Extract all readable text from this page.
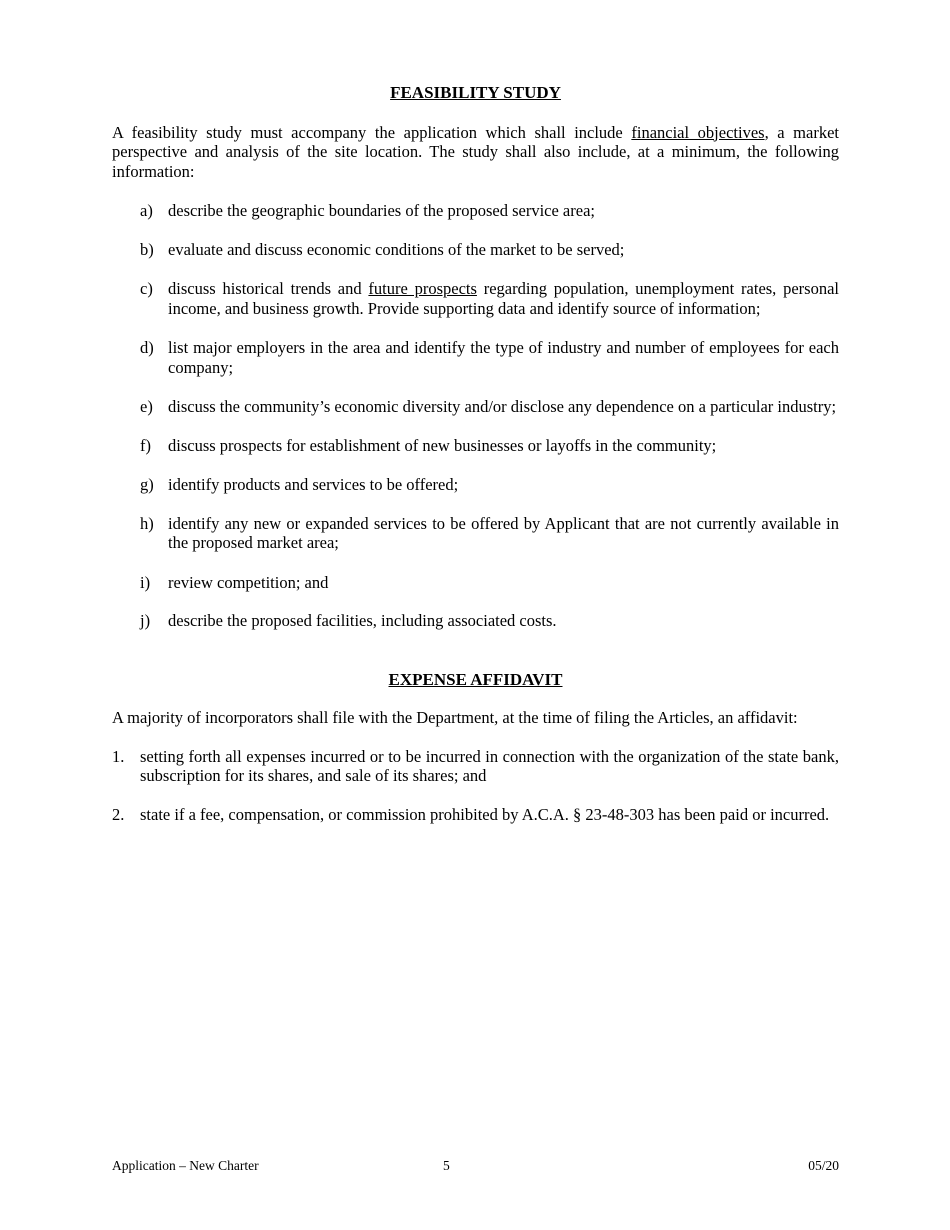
FEASIBILITY STUDY

A feasibility study must accompany the application which shall include financial objectives, a market perspective and analysis of the site location. The study shall also include, at a minimum, the following information:

a) describe the geographic boundaries of the proposed service area;
b) evaluate and discuss economic conditions of the market to be served;
c) discuss historical trends and future prospects regarding population, unemployment rates, personal income, and business growth. Provide supporting data and identify source of information;
d) list major employers in the area and identify the type of industry and number of employees for each company;
e) discuss the community’s economic diversity and/or disclose any dependence on a particular industry;
f)	discuss prospects for establishment of new businesses or layoffs in the community;
g) identify products and services to be offered;
h) identify any new or expanded services to be offered by Applicant that are not currently available in the proposed market area;
i)	review competition; and
j)	describe the proposed facilities, including associated costs.
EXPENSE AFFIDAVIT

A majority of incorporators shall file with the Department, at the time of filing the Articles, an affidavit:

1. setting forth all expenses incurred or to be incurred in connection with the organization of the state bank, subscription for its shares, and sale of its shares; and
2. state if a fee, compensation, or commission prohibited by A.C.A. § 23-48-303 has been paid or incurred.
Application – New Charter	5	05/20
